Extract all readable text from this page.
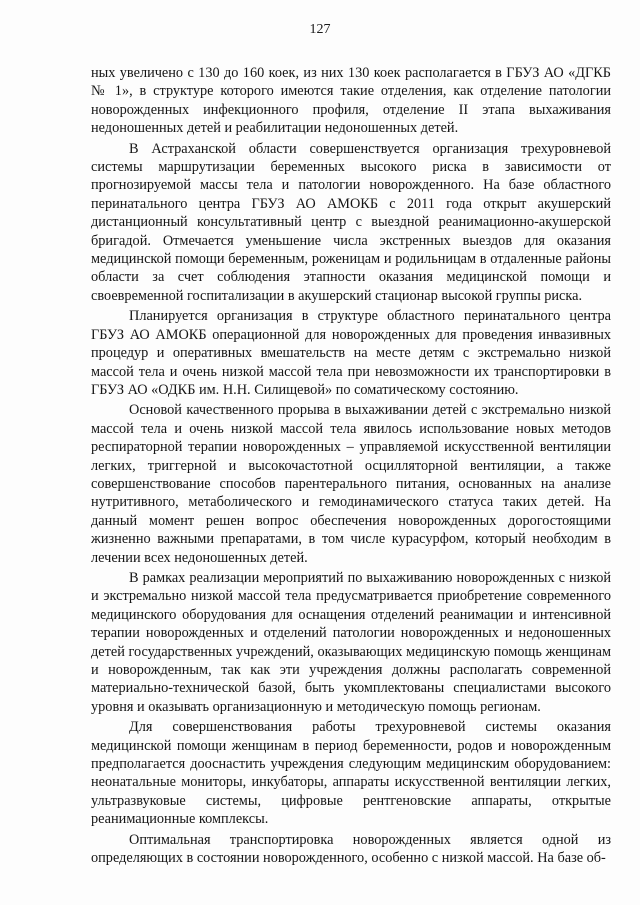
127

ных увеличено с 130 до 160 коек, из них 130 коек располагается в ГБУЗ АО «ДГКБ № 1», в структуре которого имеются такие отделения, как отделение патологии новорожденных инфекционного профиля, отделение II этапа выхаживания недоношенных детей и реабилитации недоношенных детей.

В Астраханской области совершенствуется организация трехуровневой системы маршрутизации беременных высокого риска в зависимости от прогнозируемой массы тела и патологии новорожденного. На базе областного перинатального центра ГБУЗ АО АМОКБ с 2011 года открыт акушерский дистанционный консультативный центр с выездной реанимационно-акушерской бригадой. Отмечается уменьшение числа экстренных выездов для оказания медицинской помощи беременным, роженицам и родильницам в отдаленные районы области за счет соблюдения этапности оказания медицинской помощи и своевременной госпитализации в акушерский стационар высокой группы риска.

Планируется организация в структуре областного перинатального центра ГБУЗ АО АМОКБ операционной для новорожденных для проведения инвазивных процедур и оперативных вмешательств на месте детям с экстремально низкой массой тела и очень низкой массой тела при невозможности их транспортировки в ГБУЗ АО «ОДКБ им. Н.Н. Силищевой» по соматическому состоянию.

Основой качественного прорыва в выхаживании детей с экстремально низкой массой тела и очень низкой массой тела явилось использование новых методов респираторной терапии новорожденных – управляемой искусственной вентиляции легких, триггерной и высокочастотной осцилляторной вентиляции, а также совершенствование способов парентерального питания, основанных на анализе нутритивного, метаболического и гемодинамического статуса таких детей. На данный момент решен вопрос обеспечения новорожденных дорогостоящими жизненно важными препаратами, в том числе курасурфом, который необходим в лечении всех недоношенных детей.

В рамках реализации мероприятий по выхаживанию новорожденных с низкой и экстремально низкой массой тела предусматривается приобретение современного медицинского оборудования для оснащения отделений реанимации и интенсивной терапии новорожденных и отделений патологии новорожденных и недоношенных детей государственных учреждений, оказывающих медицинскую помощь женщинам и новорожденным, так как эти учреждения должны располагать современной материально-технической базой, быть укомплектованы специалистами высокого уровня и оказывать организационную и методическую помощь регионам.

Для совершенствования работы трехуровневой системы оказания медицинской помощи женщинам в период беременности, родов и новорожденным предполагается дооснастить учреждения следующим медицинским оборудованием: неонатальные мониторы, инкубаторы, аппараты искусственной вентиляции легких, ультразвуковые системы, цифровые рентгеновские аппараты, открытые реанимационные комплексы.

Оптимальная транспортировка новорожденных является одной из определяющих в состоянии новорожденного, особенно с низкой массой. На базе об-
